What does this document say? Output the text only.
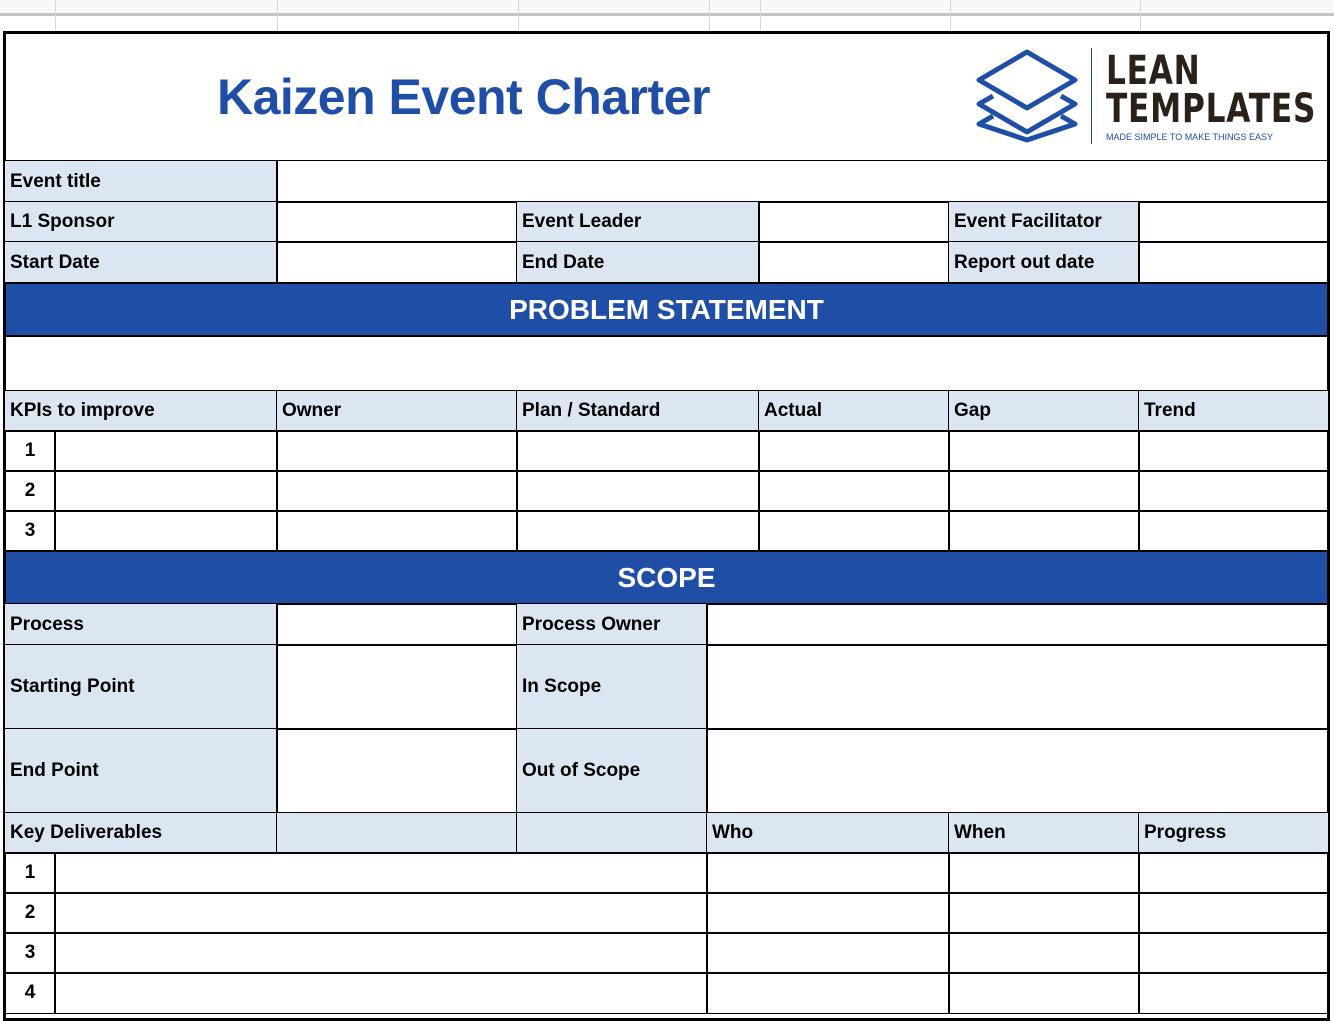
Kaizen Event Charter	LEAN
TEMPLATES
MADE SIMPLE TO MAKE THINGS EASY
Event title
L1 Sponsor	Event Leader	Event Facilitator
Start Date	End Date	Report out date
PROBLEM STATEMENT
KPIs to improve	Owner	Plan / Standard	Actual	Gap	Trend
1
2
3
SCOPE
Process	Process Owner
Starting Point	In Scope
End Point	Out of Scope
Key Deliverables	Who	When	Progress
1
2
3
4
